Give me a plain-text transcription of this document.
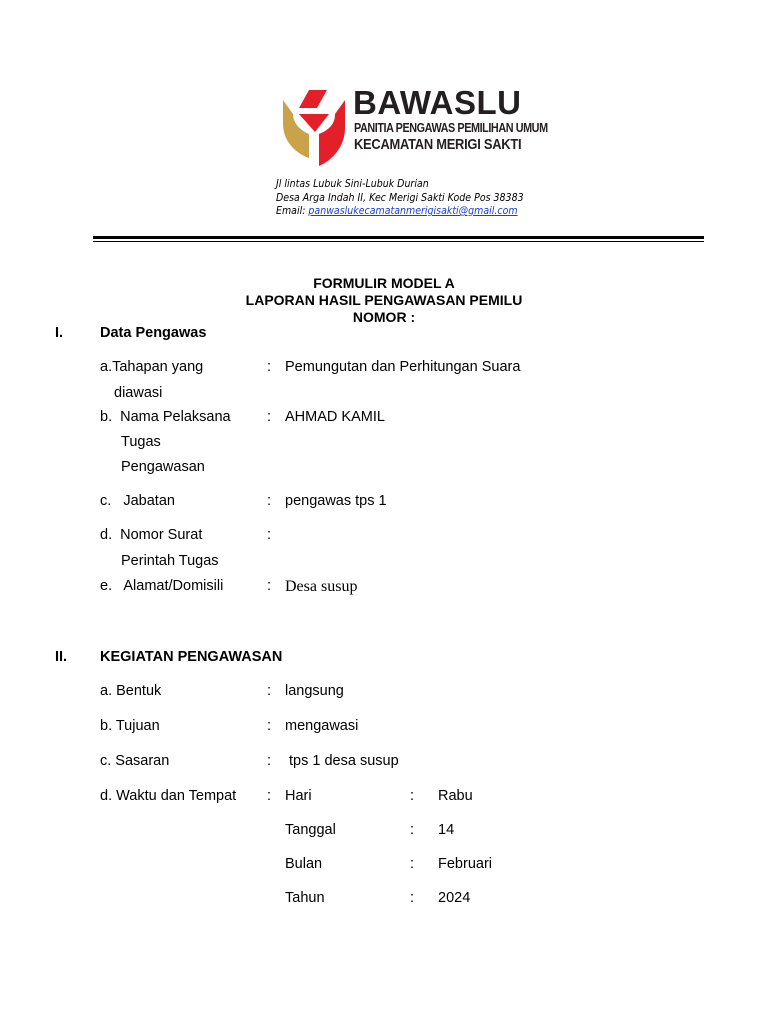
BAWASLU
PANITIA PENGAWAS PEMILIHAN UMUM
KECAMATAN MERIGI SAKTI
Jl lintas Lubuk Sini-Lubuk Durian
Desa Arga Indah II, Kec Merigi Sakti Kode Pos 38383
Email: panwaslukecamatanmerigisakti@gmail.com
FORMULIR MODEL A
LAPORAN HASIL PENGAWASAN PEMILU
NOMOR :
I.	Data Pengawas
a.Tahapan yang
diawasi
: Pemungutan dan Perhitungan Suara
b.  Nama Pelaksana
Tugas
Pengawasan
: AHMAD KAMIL
c.   Jabatan	: pengawas tps 1
d.  Nomor Surat
Perintah Tugas
:
e.   Alamat/Domisili	: Desa susup
II. KEGIATAN PENGAWASAN
a. Bentuk	: langsung
b. Tujuan	: mengawasi
c. Sasaran	: tps 1 desa susup
d. Waktu dan Tempat : Hari	: Rabu
Tanggal	: 14
Bulan	: Februari
Tahun	: 2024
